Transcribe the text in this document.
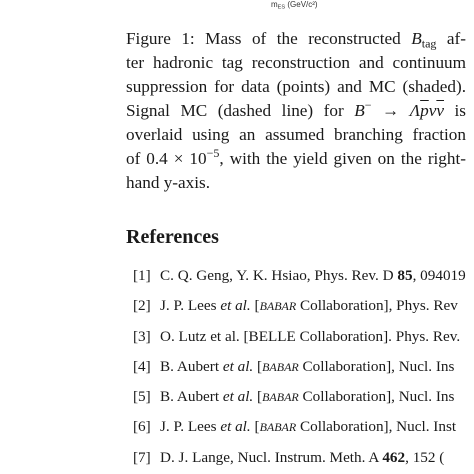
$m_{ES}$ (GeV/c²)
Figure 1: Mass of the reconstructed $B_{tag}$ af-
ter hadronic tag reconstruction and continuum
suppression for data (points) and MC (shaded).
Signal MC (dashed line) for $B^- \to \Lambda\overline{p}\nu\overline{\nu}$ is
overlaid using an assumed branching fraction
of $0.4 \times 10^{-5}$, with the yield given on the right-
hand y-axis.
References
[1] C. Q. Geng, Y. K. Hsiao, Phys. Rev. D 85, 094019
[2] J. P. Lees et al. [BABAR Collaboration], Phys. Rev
[3] O. Lutz et al. [BELLE Collaboration]. Phys. Rev.
[4] B. Aubert et al. [BABAR Collaboration], Nucl. Ins
[5] B. Aubert et al. [BABAR Collaboration], Nucl. Ins
[6] J. P. Lees et al. [BABAR Collaboration], Nucl. Inst
[7] D. J. Lange, Nucl. Instrum. Meth. A 462, 152 (
